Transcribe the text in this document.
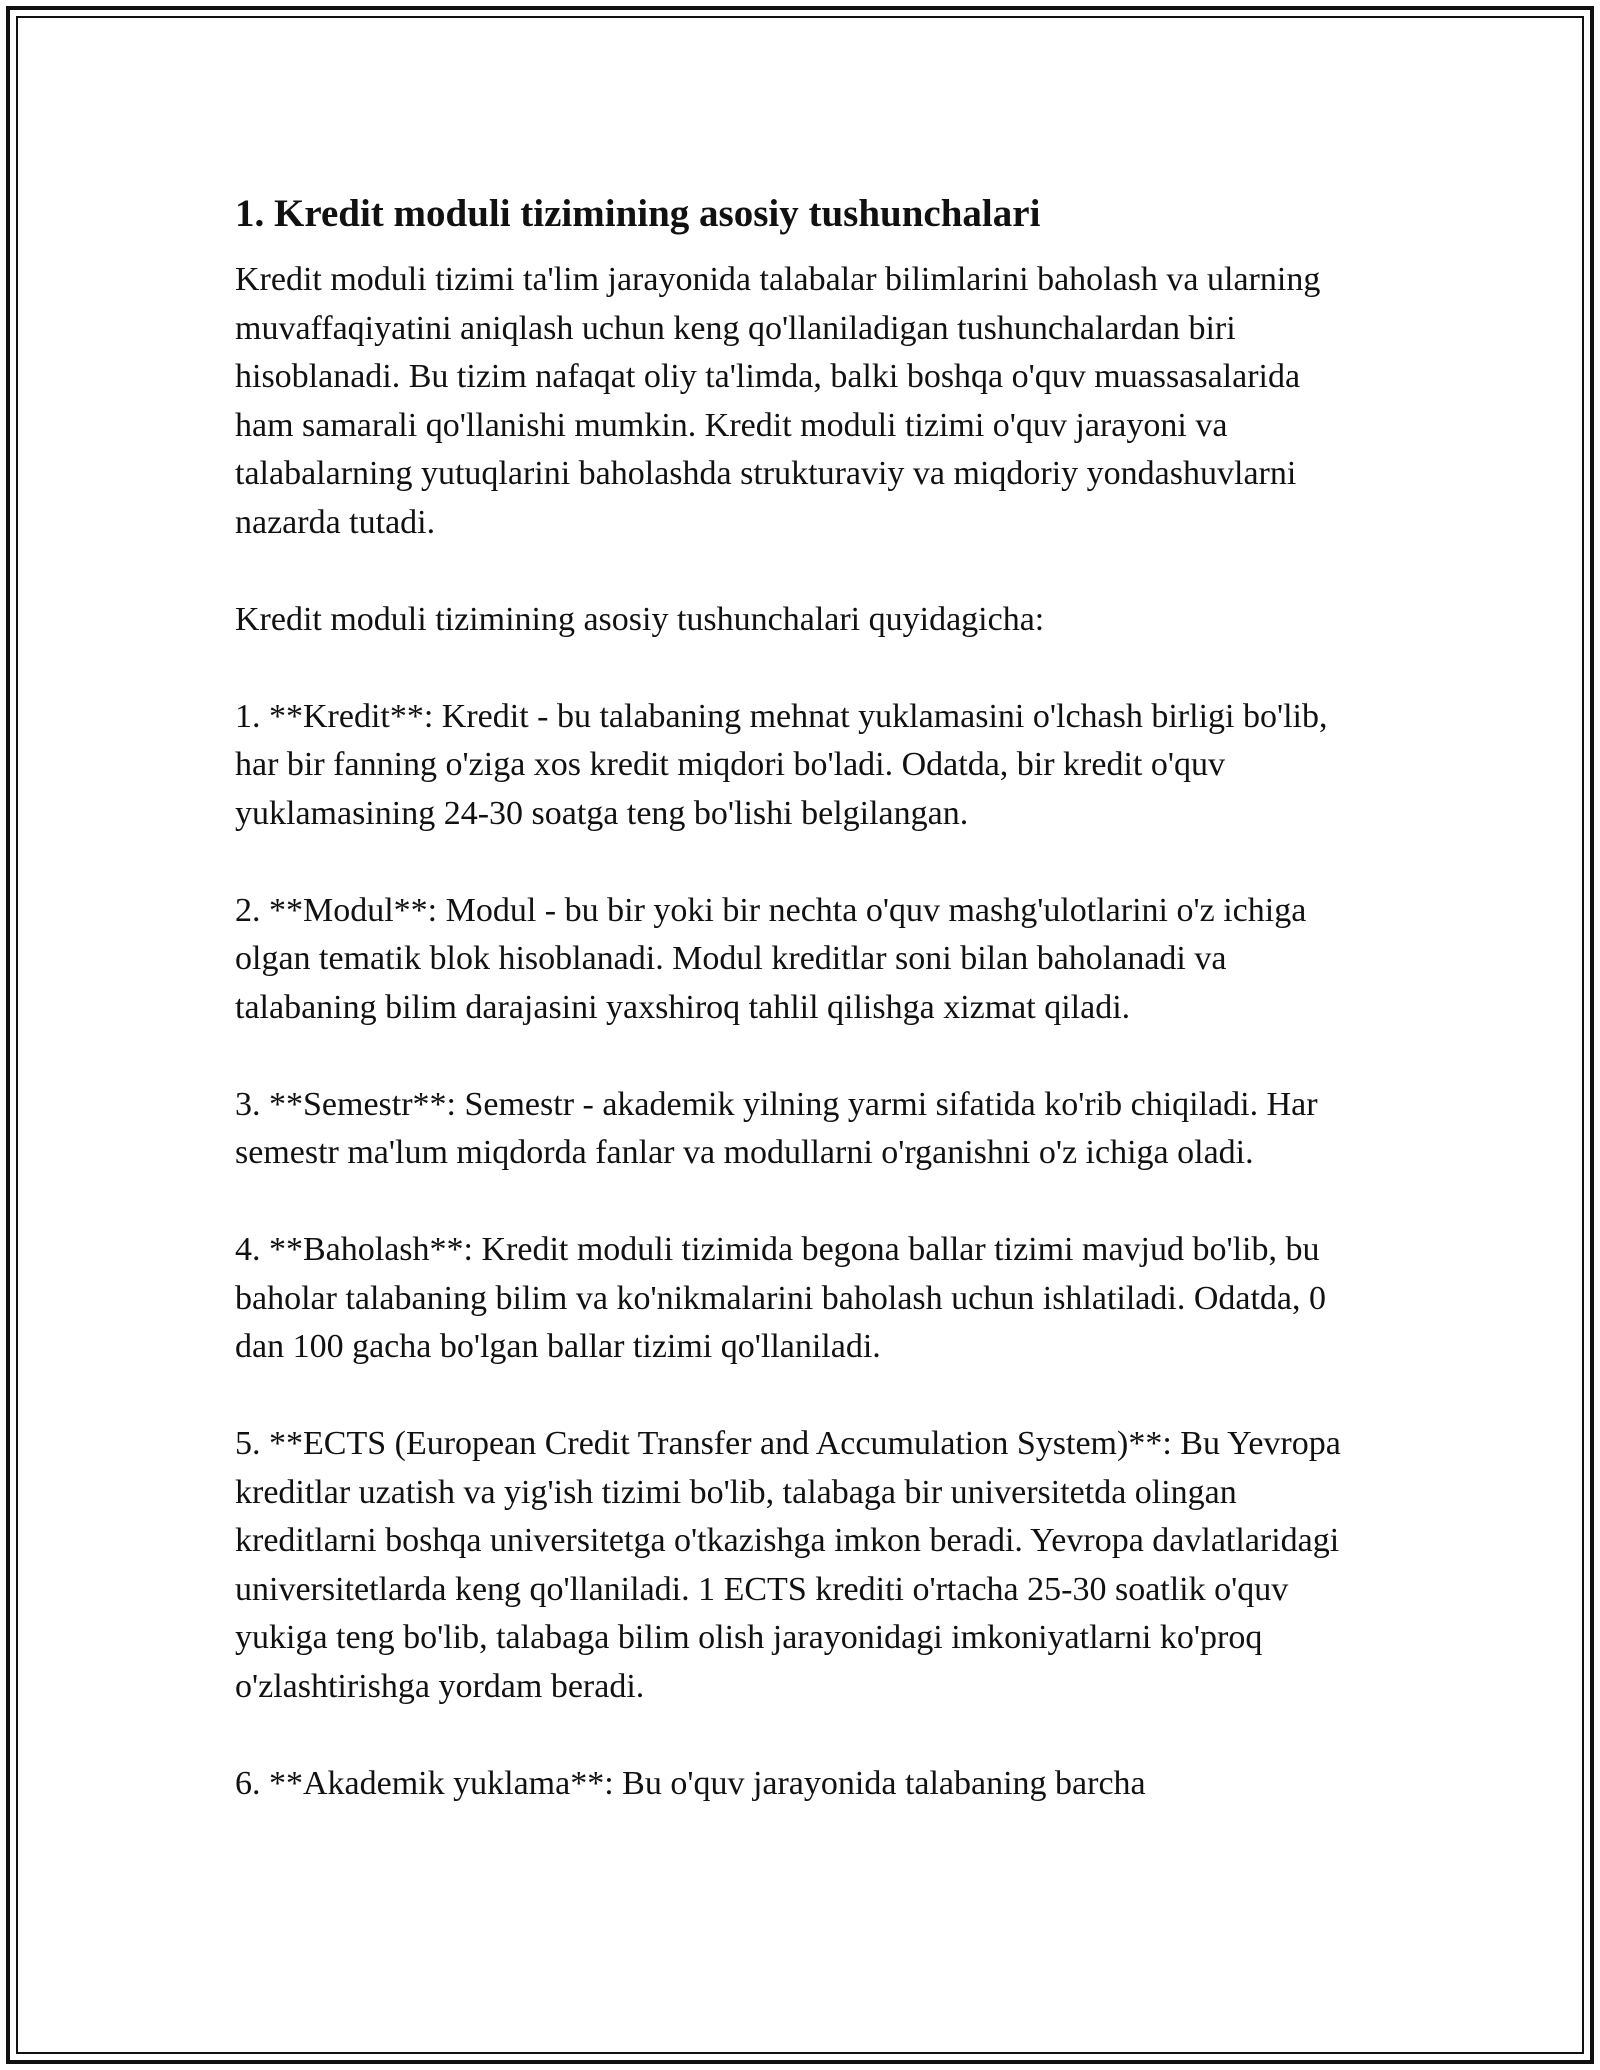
1. Kredit moduli tizimining asosiy tushunchalari

Kredit moduli tizimi ta'lim jarayonida talabalar bilimlarini baholash va ularning muvaffaqiyatini aniqlash uchun keng qo'llaniladigan tushunchalardan biri hisoblanadi. Bu tizim nafaqat oliy ta'limda, balki boshqa o'quv muassasalarida ham samarali qo'llanishi mumkin. Kredit moduli tizimi o'quv jarayoni va talabalarning yutuqlarini baholashda strukturaviy va miqdoriy yondashuvlarni nazarda tutadi.

Kredit moduli tizimining asosiy tushunchalari quyidagicha:

1. **Kredit**: Kredit - bu talabaning mehnat yuklamasini o'lchash birligi bo'lib, har bir fanning o'ziga xos kredit miqdori bo'ladi. Odatda, bir kredit o'quv yuklamasining 24-30 soatga teng bo'lishi belgilangan.

2. **Modul**: Modul - bu bir yoki bir nechta o'quv mashg'ulotlarini o'z ichiga olgan tematik blok hisoblanadi. Modul kreditlar soni bilan baholanadi va talabaning bilim darajasini yaxshiroq tahlil qilishga xizmat qiladi.

3. **Semestr**: Semestr - akademik yilning yarmi sifatida ko'rib chiqiladi. Har semestr ma'lum miqdorda fanlar va modullarni o'rganishni o'z ichiga oladi.

4. **Baholash**: Kredit moduli tizimida begona ballar tizimi mavjud bo'lib, bu baholar talabaning bilim va ko'nikmalarini baholash uchun ishlatiladi. Odatda, 0 dan 100 gacha bo'lgan ballar tizimi qo'llaniladi.

5. **ECTS (European Credit Transfer and Accumulation System)**: Bu Yevropa kreditlar uzatish va yig'ish tizimi bo'lib, talabaga bir universitetda olingan kreditlarni boshqa universitetga o'tkazishga imkon beradi. Yevropa davlatlaridagi universitetlarda keng qo'llaniladi. 1 ECTS krediti o'rtacha 25-30 soatlik o'quv yukiga teng bo'lib, talabaga bilim olish jarayonidagi imkoniyatlarni ko'proq o'zlashtirishga yordam beradi.

6. **Akademik yuklama**: Bu o'quv jarayonida talabaning barcha
